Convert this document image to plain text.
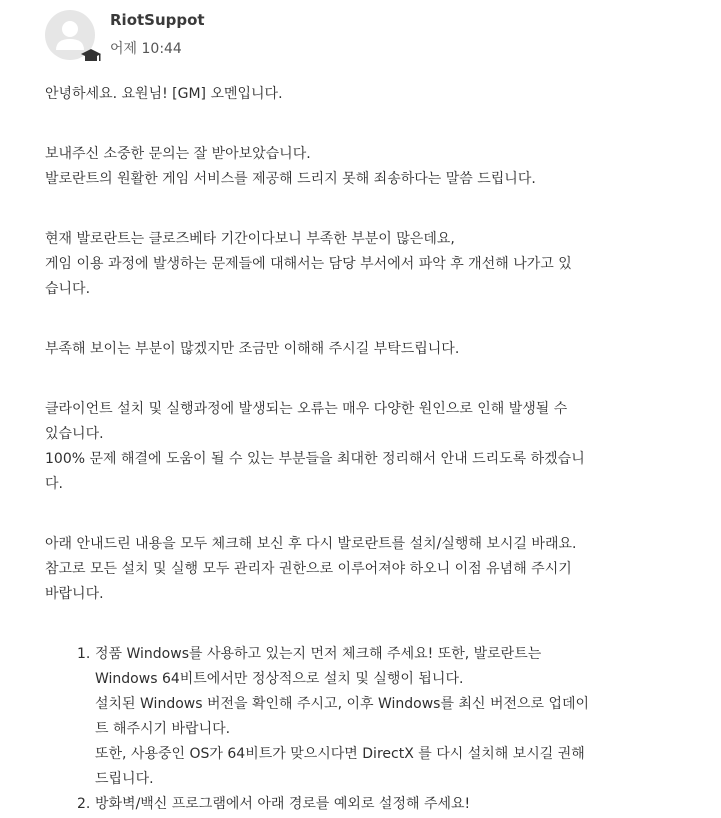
RiotSuppot
어제 10:44
안녕하세요. 요원님! [GM] 오멘입니다.
보내주신 소중한 문의는 잘 받아보았습니다.
발로란트의 원활한 게임 서비스를 제공해 드리지 못해 죄송하다는 말씀 드립니다.
현재 발로란트는 클로즈베타 기간이다보니 부족한 부분이 많은데요,
게임 이용 과정에 발생하는 문제들에 대해서는 담당 부서에서 파악 후 개선해 나가고 있
습니다.
부족해 보이는 부분이 많겠지만 조금만 이해해 주시길 부탁드립니다.
클라이언트 설치 및 실행과정에 발생되는 오류는 매우 다양한 원인으로 인해 발생될 수
있습니다.
100% 문제 해결에 도움이 될 수 있는 부분들을 최대한 정리해서 안내 드리도록 하겠습니
다.
아래 안내드린 내용을 모두 체크해 보신 후 다시 발로란트를 설치/실행해 보시길 바래요.
참고로 모든 설치 및 실행 모두 관리자 권한으로 이루어져야 하오니 이점 유념해 주시기
바랍니다.
1. 정품 Windows를 사용하고 있는지 먼저 체크해 주세요! 또한, 발로란트는
Windows 64비트에서만 정상적으로 설치 및 실행이 됩니다.
설치된 Windows 버전을 확인해 주시고, 이후 Windows를 최신 버전으로 업데이
트 해주시기 바랍니다.
또한, 사용중인 OS가 64비트가 맞으시다면 DirectX 를 다시 설치해 보시길 권해
드립니다.
2. 방화벽/백신 프로그램에서 아래 경로를 예외로 설정해 주세요!
